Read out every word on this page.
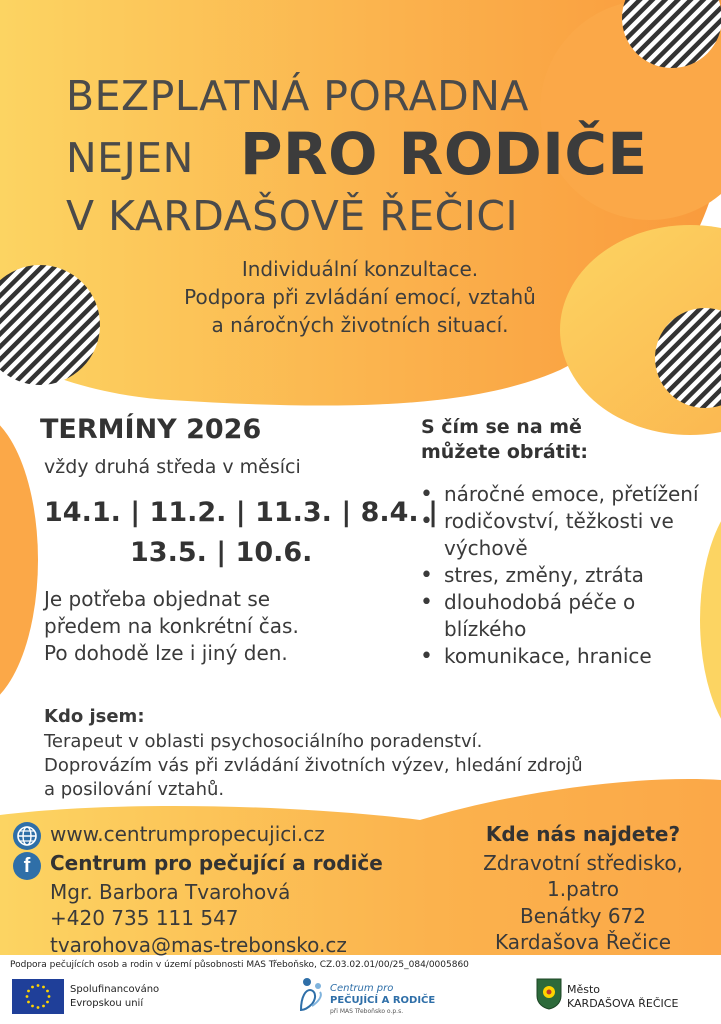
BEZPLATNÁ PORADNA
NEJEN PRO RODIČE
V KARDAŠOVĚ ŘEČICI
Individuální konzultace.
Podpora při zvládání emocí, vztahů
a náročných životních situací.
TERMÍNY 2026
vždy druhá středa v měsíci
14.1. | 11.2. | 11.3. | 8.4. |
13.5. | 10.6.
Je potřeba objednat se
předem na konkrétní čas.
Po dohodě lze i jiný den.
S čím se na mě
můžete obrátit:
• náročné emoce, přetížení
• rodičovství, těžkosti ve výchově
• stres, změny, ztráta
• dlouhodobá péče o blízkého
• komunikace, hranice
Kdo jsem:
Terapeut v oblasti psychosociálního poradenství.
Doprovázím vás při zvládání životních výzev, hledání zdrojů
a posilování vztahů.
f
www.centrumpropecujici.cz
Centrum pro pečující a rodiče
Mgr. Barbora Tvarohová
+420 735 111 547
tvarohova@mas-trebonsko.cz
Kde nás najdete?
Zdravotní středisko,
1.patro
Benátky 672
Kardašova Řečice
Podpora pečujících osob a rodin v území působnosti MAS Třeboňsko, CZ.03.02.01/00/25_084/0005860
Spolufinancováno
Evropskou unií
Centrum pro
PEČUJÍCÍ A RODIČE
při MAS Třeboňsko o.p.s.
Město
KARDAŠOVA ŘEČICE
